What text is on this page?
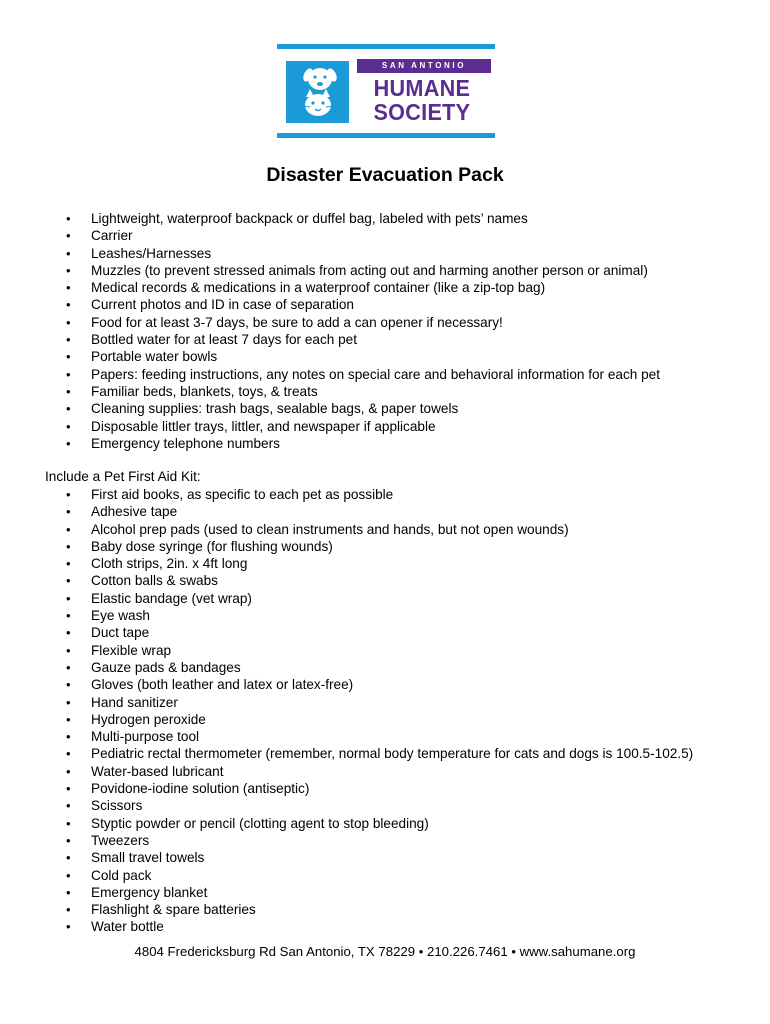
SAN ANTONIO
HUMANE
SOCIETY
Disaster Evacuation Pack
• Lightweight, waterproof backpack or duffel bag, labeled with pets’ names
• Carrier
• Leashes/Harnesses
• Muzzles (to prevent stressed animals from acting out and harming another person or animal)
• Medical records & medications in a waterproof container (like a zip-top bag)
• Current photos and ID in case of separation
• Food for at least 3-7 days, be sure to add a can opener if necessary!
• Bottled water for at least 7 days for each pet
• Portable water bowls
• Papers: feeding instructions, any notes on special care and behavioral information for each pet
• Familiar beds, blankets, toys, & treats
• Cleaning supplies: trash bags, sealable bags, & paper towels
• Disposable littler trays, littler, and newspaper if applicable
• Emergency telephone numbers
Include a Pet First Aid Kit:
• First aid books, as specific to each pet as possible
• Adhesive tape
• Alcohol prep pads (used to clean instruments and hands, but not open wounds)
• Baby dose syringe (for flushing wounds)
• Cloth strips, 2in. x 4ft long
• Cotton balls & swabs
• Elastic bandage (vet wrap)
• Eye wash
• Duct tape
• Flexible wrap
• Gauze pads & bandages
• Gloves (both leather and latex or latex-free)
• Hand sanitizer
• Hydrogen peroxide
• Multi-purpose tool
• Pediatric rectal thermometer (remember, normal body temperature for cats and dogs is 100.5-102.5)
• Water-based lubricant
• Povidone-iodine solution (antiseptic)
• Scissors
• Styptic powder or pencil (clotting agent to stop bleeding)
• Tweezers
• Small travel towels
• Cold pack
• Emergency blanket
• Flashlight & spare batteries
• Water bottle
4804 Fredericksburg Rd San Antonio, TX 78229 • 210.226.7461 • www.sahumane.org
